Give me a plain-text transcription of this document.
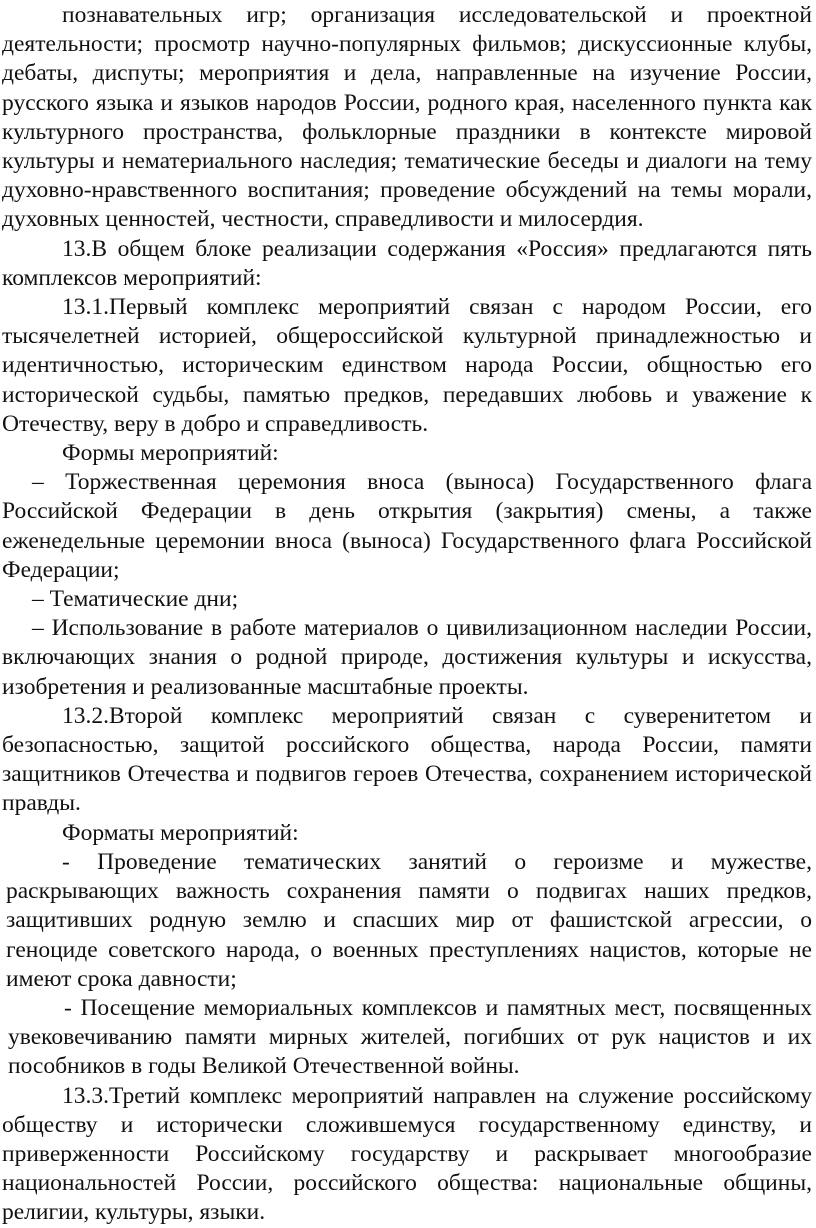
познавательных игр; организация исследовательской и проектной деятельности; просмотр научно-популярных фильмов; дискуссионные клубы, дебаты, диспуты; мероприятия и дела, направленные на изучение России, русского языка и языков народов России, родного края, населенного пункта как культурного пространства, фольклорные праздники в контексте мировой культуры и нематериального наследия; тематические беседы и диалоги на тему духовно-нравственного воспитания; проведение обсуждений на темы морали, духовных ценностей, честности, справедливости и милосердия.

13.В общем блоке реализации содержания «Россия» предлагаются пять комплексов мероприятий:

13.1.Первый комплекс мероприятий связан с народом России, его тысячелетней историей, общероссийской культурной принадлежностью и идентичностью, историческим единством народа России, общностью его исторической судьбы, памятью предков, передавших любовь и уважение к Отечеству, веру в добро и справедливость.

Формы мероприятий:

– Торжественная церемония вноса (выноса) Государственного флага Российской Федерации в день открытия (закрытия) смены, а также еженедельные церемонии вноса (выноса) Государственного флага Российской Федерации;

– Тематические дни;

– Использование в работе материалов о цивилизационном наследии России, включающих знания о родной природе, достижения культуры и искусства, изобретения и реализованные масштабные проекты.

13.2.Второй комплекс мероприятий связан с суверенитетом и безопасностью, защитой российского общества, народа России, памяти защитников Отечества и подвигов героев Отечества, сохранением исторической правды.

Форматы мероприятий:

- Проведение тематических занятий о героизме и мужестве, раскрывающих важность сохранения памяти о подвигах наших предков, защитивших родную землю и спасших мир от фашистской агрессии, о геноциде советского народа, о военных преступлениях нацистов, которые не имеют срока давности;

- Посещение мемориальных комплексов и памятных мест, посвященных увековечиванию памяти мирных жителей, погибших от рук нацистов и их пособников в годы Великой Отечественной войны.

13.3.Третий комплекс мероприятий направлен на служение российскому обществу и исторически сложившемуся государственному единству, и приверженности Российскому государству и раскрывает многообразие национальностей России, российского общества: национальные общины, религии, культуры, языки.
